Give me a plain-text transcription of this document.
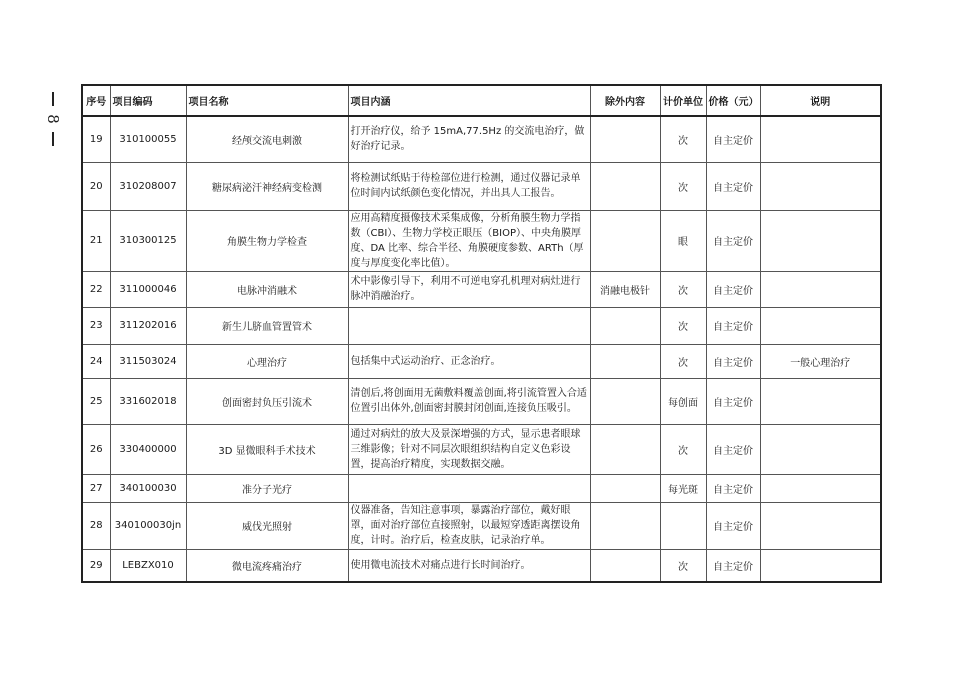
8
序号	项目编码	项目名称	项目内涵	除外内容	计价单位	价格（元）	说明
19	310100055	经颅交流电刺激	打开治疗仪，给予 15mA,77.5Hz 的交流电治疗，做好治疗记录。		次	自主定价	
20	310208007	糖尿病泌汗神经病变检测	将检测试纸贴于待检部位进行检测，通过仪器记录单位时间内试纸颜色变化情况，并出具人工报告。		次	自主定价	
21	310300125	角膜生物力学检查	应用高精度摄像技术采集成像，分析角膜生物力学指数（CBI）、生物力学校正眼压（BIOP）、中央角膜厚度、DA 比率、综合半径、角膜硬度参数、ARTh（厚度与厚度变化率比值）。		眼	自主定价	
22	311000046	电脉冲消融术	术中影像引导下，利用不可逆电穿孔机理对病灶进行脉冲消融治疗。	消融电极针	次	自主定价	
23	311202016	新生儿脐血管置管术			次	自主定价	
24	311503024	心理治疗	包括集中式运动治疗、正念治疗。		次	自主定价	一般心理治疗
25	331602018	创面密封负压引流术	清创后,将创面用无菌敷料覆盖创面,将引流管置入合适位置引出体外,创面密封膜封闭创面,连接负压吸引。		每创面	自主定价	
26	330400000	3D 显微眼科手术技术	通过对病灶的放大及景深增强的方式，显示患者眼球三维影像；针对不同层次眼组织结构自定义色彩设置，提高治疗精度，实现数据交融。		次	自主定价	
27	340100030	准分子光疗			每光斑	自主定价	
28	340100030jn	威伐光照射	仪器准备，告知注意事项，暴露治疗部位，戴好眼罩，面对治疗部位直接照射，以最短穿透距离摆设角度，计时。治疗后，检查皮肤，记录治疗单。			自主定价	
29	LEBZX010	微电流疼痛治疗	使用微电流技术对痛点进行长时间治疗。		次	自主定价	
